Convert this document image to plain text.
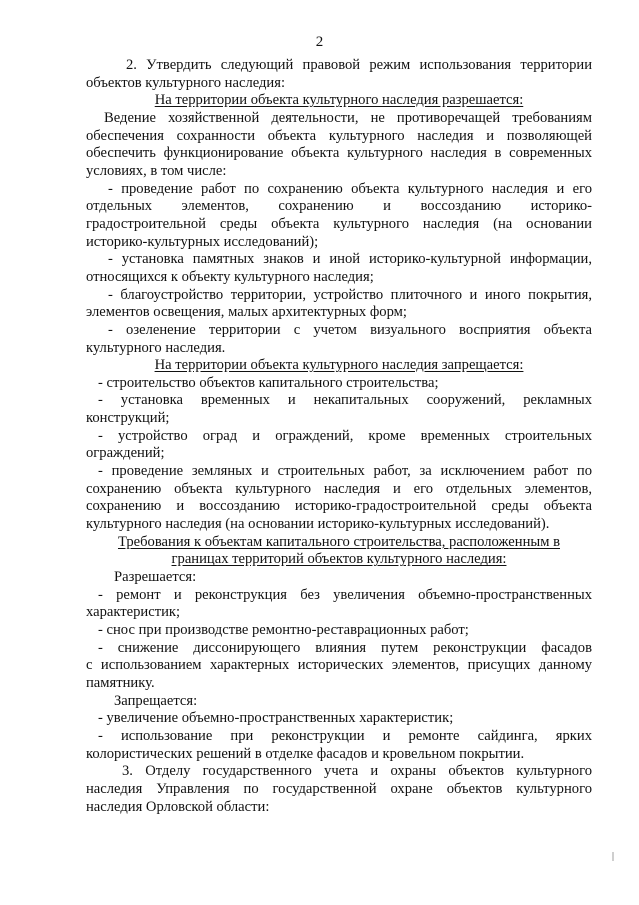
2

2. Утвердить следующий правовой режим использования территории

объектов культурного наследия:

На территории объекта культурного наследия разрешается:

Ведение хозяйственной деятельности, не противоречащей требованиям

обеспечения сохранности объекта культурного наследия и позволяющей

обеспечить функционирование объекта культурного наследия в современных

условиях, в том числе:

- проведение работ по сохранению объекта культурного наследия и его

отдельных элементов, сохранению и воссозданию историко-

градостроительной среды объекта культурного наследия (на основании

историко-культурных исследований);

- установка памятных знаков и иной историко-культурной информации,

относящихся к объекту культурного наследия;

- благоустройство территории, устройство плиточного и иного покрытия,

элементов освещения, малых архитектурных форм;

- озеленение территории с учетом визуального восприятия объекта

культурного наследия.

На территории объекта культурного наследия запрещается:

- строительство объектов капитального строительства;

- установка временных и некапитальных сооружений, рекламных

конструкций;

- устройство оград и ограждений, кроме временных строительных

ограждений;

- проведение земляных и строительных работ, за исключением работ по

сохранению объекта культурного наследия и его отдельных элементов,

сохранению и воссозданию историко-градостроительной среды объекта

культурного наследия (на основании историко-культурных исследований).

Требования к объектам капитального строительства, расположенным в

границах территорий объектов культурного наследия:

Разрешается:

- ремонт и реконструкция без увеличения объемно-пространственных

характеристик;

- снос при производстве ремонтно-реставрационных работ;

- снижение диссонирующего влияния путем реконструкции фасадов

с использованием характерных исторических элементов, присущих данному

памятнику.

Запрещается:

- увеличение объемно-пространственных характеристик;

- использование при реконструкции и ремонте сайдинга, ярких

колористических решений в отделке фасадов и кровельном покрытии.

3. Отделу государственного учета и охраны объектов культурного

наследия Управления по государственной охране объектов культурного

наследия Орловской области:
